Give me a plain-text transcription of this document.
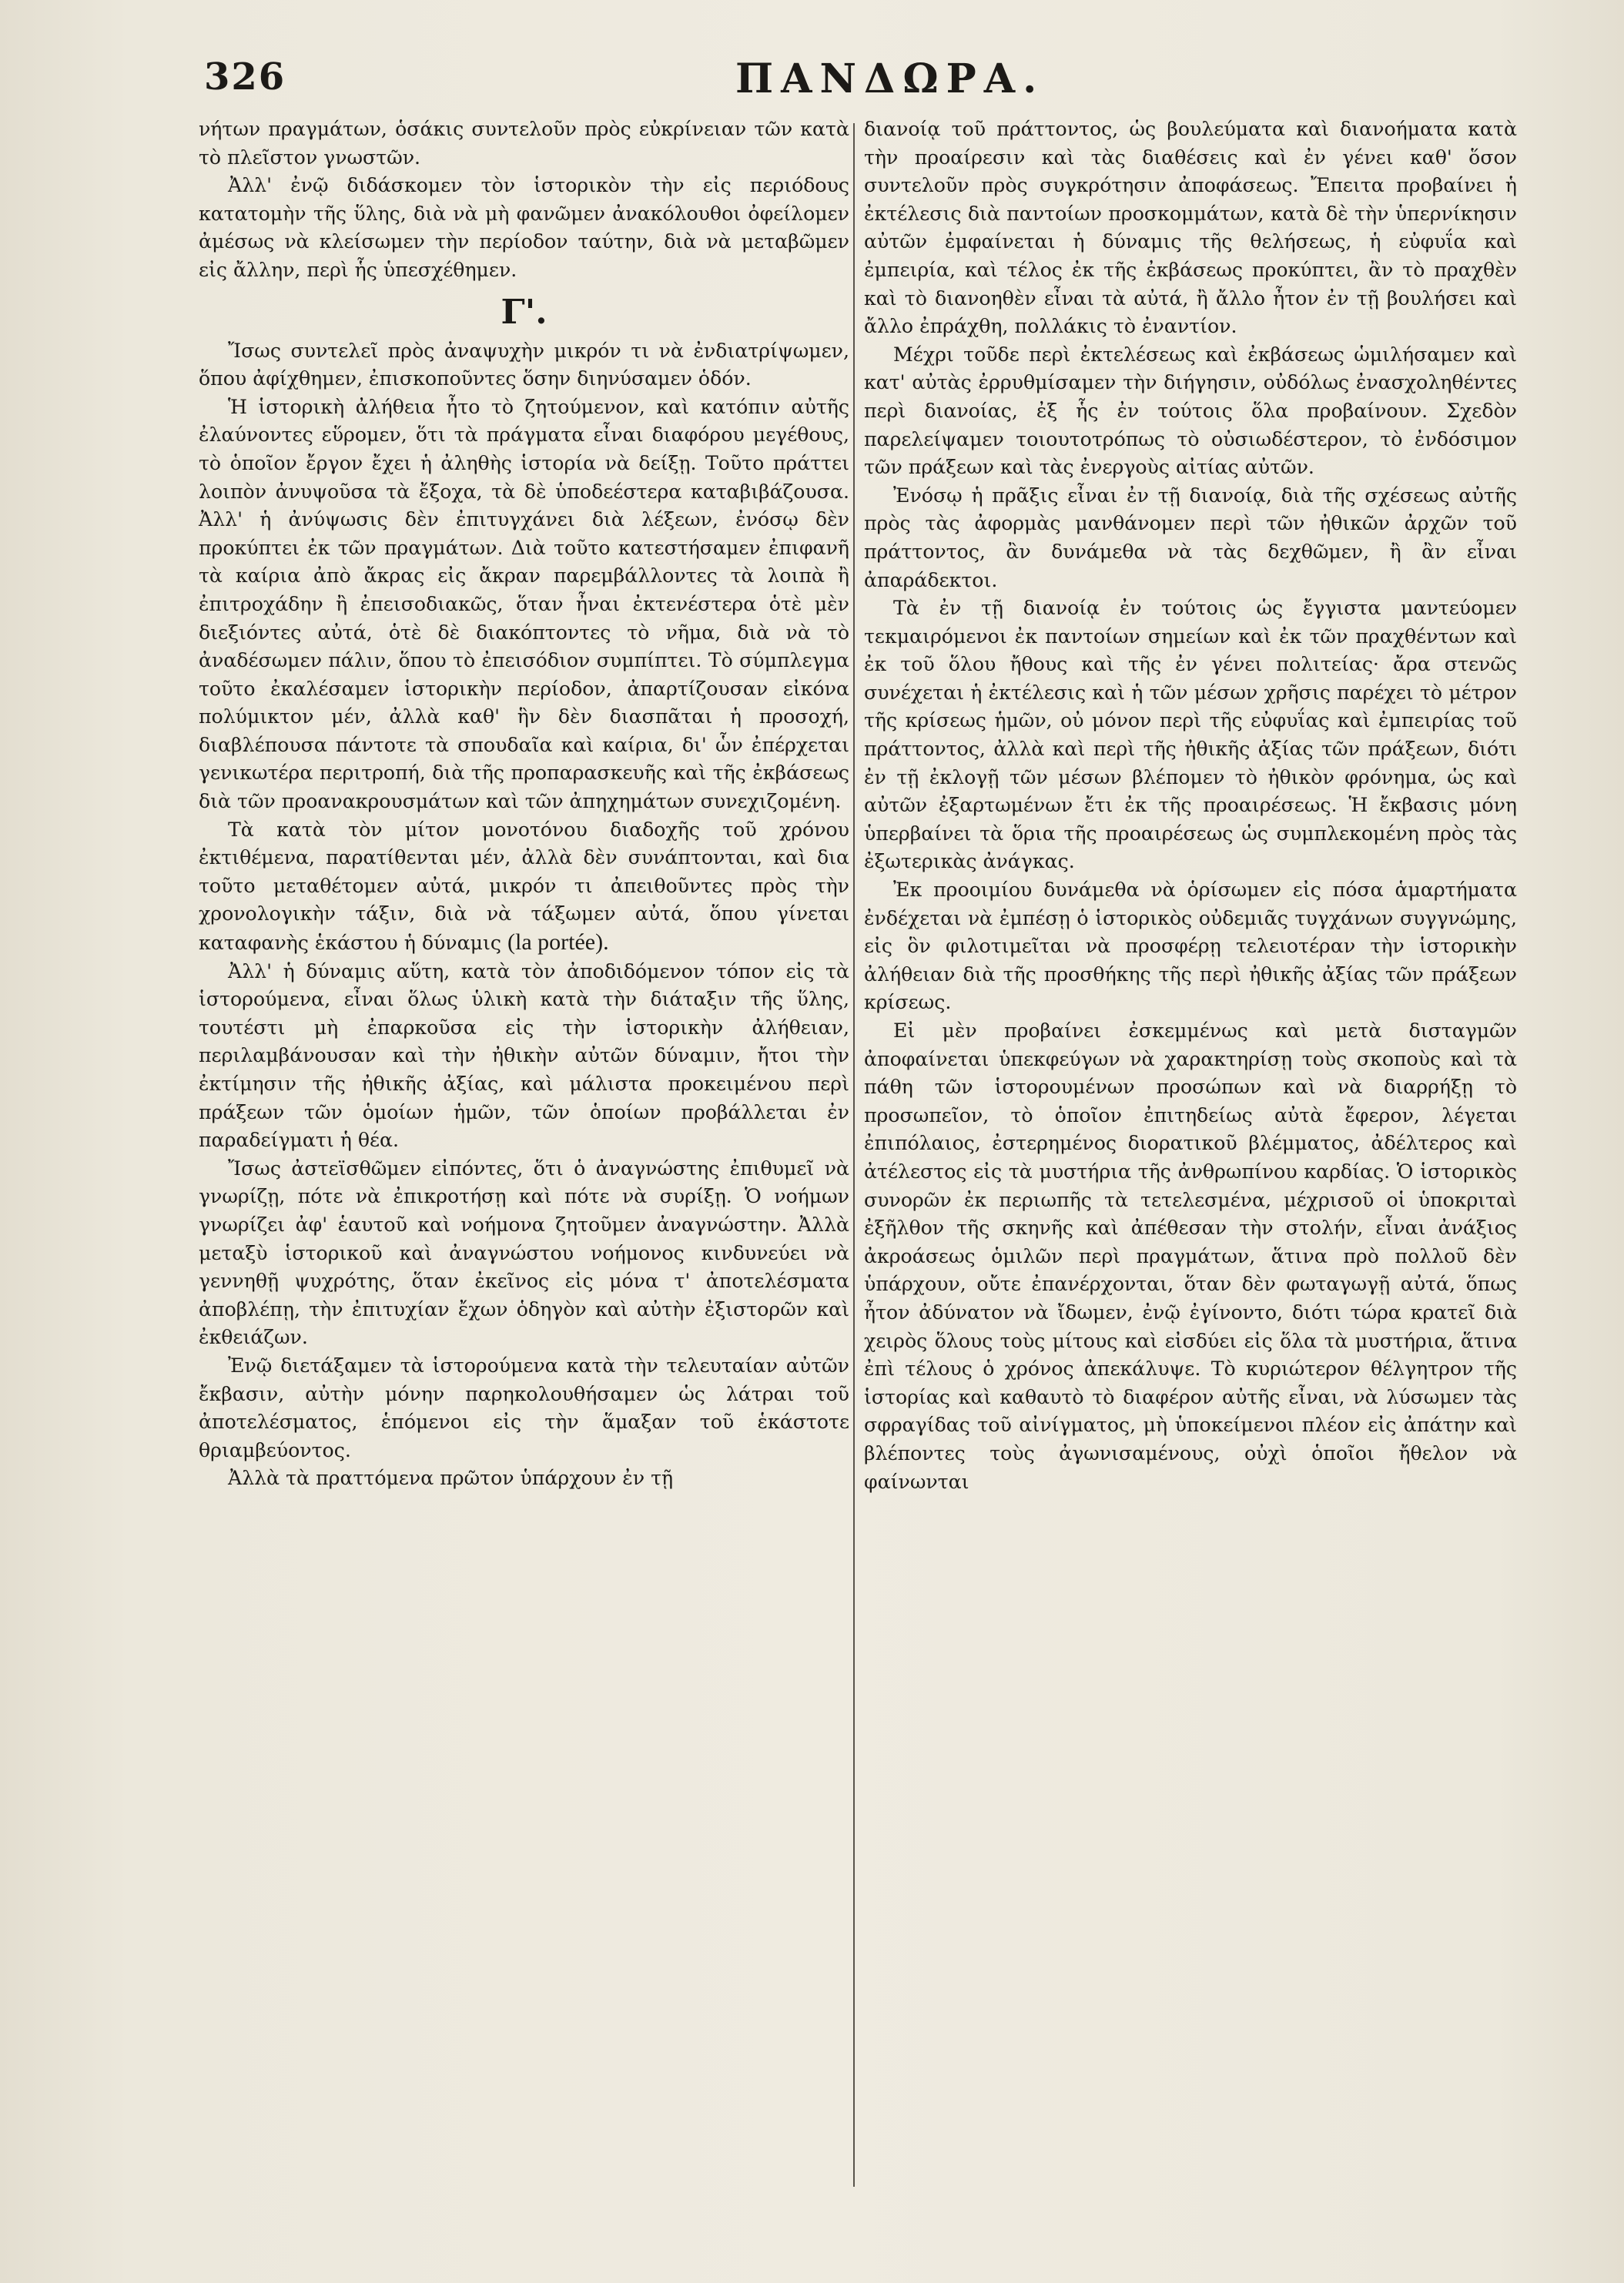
326	ΠΑΝΔΩΡΑ.

νήτων πραγμάτων, ὁσάκις συντελοῦν πρὸς εὐκρίνειαν τῶν κατὰ τὸ πλεῖστον γνωστῶν.

Ἀλλ' ἐνῷ διδάσκομεν τὸν ἱστορικὸν τὴν εἰς περιόδους κατατομὴν τῆς ὕλης, διὰ νὰ μὴ φανῶμεν ἀνακόλουθοι ὀφείλομεν ἀμέσως νὰ κλείσωμεν τὴν περίοδον ταύτην, διὰ νὰ μεταβῶμεν εἰς ἄλλην, περὶ ἧς ὑπεσχέθημεν.

Γ'.

Ἴσως συντελεῖ πρὸς ἀναψυχὴν μικρόν τι νὰ ἐνδιατρίψωμεν, ὅπου ἀφίχθημεν, ἐπισκοποῦντες ὅσην διηνύσαμεν ὁδόν.

Ἡ ἱστορικὴ ἀλήθεια ἦτο τὸ ζητούμενον, καὶ κατόπιν αὐτῆς ἐλαύνοντες εὕρομεν, ὅτι τὰ πράγματα εἶναι διαφόρου μεγέθους, τὸ ὁποῖον ἔργον ἔχει ἡ ἀληθὴς ἱστορία νὰ δείξῃ. Τοῦτο πράττει λοιπὸν ἀνυψοῦσα τὰ ἔξοχα, τὰ δὲ ὑποδεέστερα καταβιβάζουσα. Ἀλλ' ἡ ἀνύψωσις δὲν ἐπιτυγχάνει διὰ λέξεων, ἐνόσῳ δὲν προκύπτει ἐκ τῶν πραγμάτων. Διὰ τοῦτο κατεστήσαμεν ἐπιφανῆ τὰ καίρια ἀπὸ ἄκρας εἰς ἄκραν παρεμβάλλοντες τὰ λοιπὰ ἢ ἐπιτροχάδην ἢ ἐπεισοδιακῶς, ὅταν ἦναι ἐκτενέστερα ὁτὲ μὲν διεξιόντες αὐτά, ὁτὲ δὲ διακόπτοντες τὸ νῆμα, διὰ νὰ τὸ ἀναδέσωμεν πάλιν, ὅπου τὸ ἐπεισόδιον συμπίπτει. Τὸ σύμπλεγμα τοῦτο ἐκαλέσαμεν ἱστορικὴν περίοδον, ἀπαρτίζουσαν εἰκόνα πολύμικτον μέν, ἀλλὰ καθ' ἣν δὲν διασπᾶται ἡ προσοχή, διαβλέπουσα πάντοτε τὰ σπουδαῖα καὶ καίρια, δι' ὧν ἐπέρχεται γενικωτέρα περιτροπή, διὰ τῆς προπαρασκευῆς καὶ τῆς ἐκβάσεως διὰ τῶν προανακρουσμάτων καὶ τῶν ἀπηχημάτων συνεχιζομένη.

Τὰ κατὰ τὸν μίτον μονοτόνου διαδοχῆς τοῦ χρόνου ἐκτιθέμενα, παρατίθενται μέν, ἀλλὰ δὲν συνάπτονται, καὶ δια τοῦτο μεταθέτομεν αὐτά, μικρόν τι ἀπειθοῦντες πρὸς τὴν χρονολογικὴν τάξιν, διὰ νὰ τάξωμεν αὐτά, ὅπου γίνεται καταφανὴς ἑκάστου ἡ δύναμις (la portée).

Ἀλλ' ἡ δύναμις αὕτη, κατὰ τὸν ἀποδιδόμενον τόπον εἰς τὰ ἱστορούμενα, εἶναι ὅλως ὑλικὴ κατὰ τὴν διάταξιν τῆς ὕλης, τουτέστι μὴ ἐπαρκοῦσα εἰς τὴν ἱστορικὴν ἀλήθειαν, περιλαμβάνουσαν καὶ τὴν ἠθικὴν αὐτῶν δύναμιν, ἤτοι τὴν ἐκτίμησιν τῆς ἠθικῆς ἀξίας, καὶ μάλιστα προκειμένου περὶ πράξεων τῶν ὁμοίων ἡμῶν, τῶν ὁποίων προβάλλεται ἐν παραδείγματι ἡ θέα.

Ἴσως ἀστεϊσθῶμεν εἰπόντες, ὅτι ὁ ἀναγνώστης ἐπιθυμεῖ νὰ γνωρίζῃ, πότε νὰ ἐπικροτήσῃ καὶ πότε νὰ συρίξῃ. Ὁ νοήμων γνωρίζει ἀφ' ἑαυτοῦ καὶ νοήμονα ζητοῦμεν ἀναγνώστην. Ἀλλὰ μεταξὺ ἱστορικοῦ καὶ ἀναγνώστου νοήμονος κινδυνεύει νὰ γεννηθῇ ψυχρότης, ὅταν ἐκεῖνος εἰς μόνα τ' ἀποτελέσματα ἀποβλέπῃ, τὴν ἐπιτυχίαν ἔχων ὁδηγὸν καὶ αὐτὴν ἐξιστορῶν καὶ ἐκθειάζων.

Ἐνῷ διετάξαμεν τὰ ἱστορούμενα κατὰ τὴν τελευταίαν αὐτῶν ἔκβασιν, αὐτὴν μόνην παρηκολουθήσαμεν ὡς λάτραι τοῦ ἀποτελέσματος, ἑπόμενοι εἰς τὴν ἅμαξαν τοῦ ἑκάστοτε θριαμβεύοντος.

Ἀλλὰ τὰ πραττόμενα πρῶτον ὑπάρχουν ἐν τῇ

διανοίᾳ τοῦ πράττοντος, ὡς βουλεύματα καὶ διανοήματα κατὰ τὴν προαίρεσιν καὶ τὰς διαθέσεις καὶ ἐν γένει καθ' ὅσον συντελοῦν πρὸς συγκρότησιν ἀποφάσεως. Ἔπειτα προβαίνει ἡ ἐκτέλεσις διὰ παντοίων προσκομμάτων, κατὰ δὲ τὴν ὑπερνίκησιν αὐτῶν ἐμφαίνεται ἡ δύναμις τῆς θελήσεως, ἡ εὐφυΐα καὶ ἐμπειρία, καὶ τέλος ἐκ τῆς ἐκβάσεως προκύπτει, ἂν τὸ πραχθὲν καὶ τὸ διανοηθὲν εἶναι τὰ αὐτά, ἢ ἄλλο ἦτον ἐν τῇ βουλήσει καὶ ἄλλο ἐπράχθη, πολλάκις τὸ ἐναντίον.

Μέχρι τοῦδε περὶ ἐκτελέσεως καὶ ἐκβάσεως ὡμιλήσαμεν καὶ κατ' αὐτὰς ἐρρυθμίσαμεν τὴν διήγησιν, οὐδόλως ἐνασχοληθέντες περὶ διανοίας, ἐξ ἧς ἐν τούτοις ὅλα προβαίνουν. Σχεδὸν παρελείψαμεν τοιουτοτρόπως τὸ οὐσιωδέστερον, τὸ ἐνδόσιμον τῶν πράξεων καὶ τὰς ἐνεργοὺς αἰτίας αὐτῶν.

Ἐνόσῳ ἡ πρᾶξις εἶναι ἐν τῇ διανοίᾳ, διὰ τῆς σχέσεως αὐτῆς πρὸς τὰς ἀφορμὰς μανθάνομεν περὶ τῶν ἠθικῶν ἀρχῶν τοῦ πράττοντος, ἂν δυνάμεθα νὰ τὰς δεχθῶμεν, ἢ ἂν εἶναι ἀπαράδεκτοι.

Τὰ ἐν τῇ διανοίᾳ ἐν τούτοις ὡς ἔγγιστα μαντεύομεν τεκμαιρόμενοι ἐκ παντοίων σημείων καὶ ἐκ τῶν πραχθέντων καὶ ἐκ τοῦ ὅλου ἤθους καὶ τῆς ἐν γένει πολιτείας· ἄρα στενῶς συνέχεται ἡ ἐκτέλεσις καὶ ἡ τῶν μέσων χρῆσις παρέχει τὸ μέτρον τῆς κρίσεως ἡμῶν, οὐ μόνον περὶ τῆς εὐφυΐας καὶ ἐμπειρίας τοῦ πράττοντος, ἀλλὰ καὶ περὶ τῆς ἠθικῆς ἀξίας τῶν πράξεων, διότι ἐν τῇ ἐκλογῇ τῶν μέσων βλέπομεν τὸ ἠθικὸν φρόνημα, ὡς καὶ αὐτῶν ἐξαρτωμένων ἔτι ἐκ τῆς προαιρέσεως. Ἡ ἔκβασις μόνη ὑπερβαίνει τὰ ὅρια τῆς προαιρέσεως ὡς συμπλεκομένη πρὸς τὰς ἐξωτερικὰς ἀνάγκας.

Ἐκ προοιμίου δυνάμεθα νὰ ὁρίσωμεν εἰς πόσα ἁμαρτήματα ἐνδέχεται νὰ ἐμπέσῃ ὁ ἱστορικὸς οὐδεμιᾶς τυγχάνων συγγνώμης, εἰς ὃν φιλοτιμεῖται νὰ προσφέρῃ τελειοτέραν τὴν ἱστορικὴν ἀλήθειαν διὰ τῆς προσθήκης τῆς περὶ ἠθικῆς ἀξίας τῶν πράξεων κρίσεως.

Εἰ μὲν προβαίνει ἐσκεμμένως καὶ μετὰ δισταγμῶν ἀποφαίνεται ὑπεκφεύγων νὰ χαρακτηρίσῃ τοὺς σκοποὺς καὶ τὰ πάθη τῶν ἱστορουμένων προσώπων καὶ νὰ διαρρήξῃ τὸ προσωπεῖον, τὸ ὁποῖον ἐπιτηδείως αὐτὰ ἔφερον, λέγεται ἐπιπόλαιος, ἐστερημένος διορατικοῦ βλέμματος, ἀδέλτερος καὶ ἀτέλεστος εἰς τὰ μυστήρια τῆς ἀνθρωπίνου καρδίας. Ὁ ἱστορικὸς συνορῶν ἐκ περιωπῆς τὰ τετελεσμένα, μέχρισοῦ οἱ ὑποκριταὶ ἐξῆλθον τῆς σκηνῆς καὶ ἀπέθεσαν τὴν στολήν, εἶναι ἀνάξιος ἀκροάσεως ὁμιλῶν περὶ πραγμάτων, ἅτινα πρὸ πολλοῦ δὲν ὑπάρχουν, οὔτε ἐπανέρχονται, ὅταν δὲν φωταγωγῇ αὐτά, ὅπως ἦτον ἀδύνατον νὰ ἴδωμεν, ἐνῷ ἐγίνοντο, διότι τώρα κρατεῖ διὰ χειρὸς ὅλους τοὺς μίτους καὶ εἰσδύει εἰς ὅλα τὰ μυστήρια, ἅτινα ἐπὶ τέλους ὁ χρόνος ἀπεκάλυψε. Τὸ κυριώτερον θέλγητρον τῆς ἱστορίας καὶ καθαυτὸ τὸ διαφέρον αὐτῆς εἶναι, νὰ λύσωμεν τὰς σφραγίδας τοῦ αἰνίγματος, μὴ ὑποκείμενοι πλέον εἰς ἀπάτην καὶ βλέποντες τοὺς ἀγωνισαμένους, οὐχὶ ὁποῖοι ἤθελον νὰ φαίνωνται
